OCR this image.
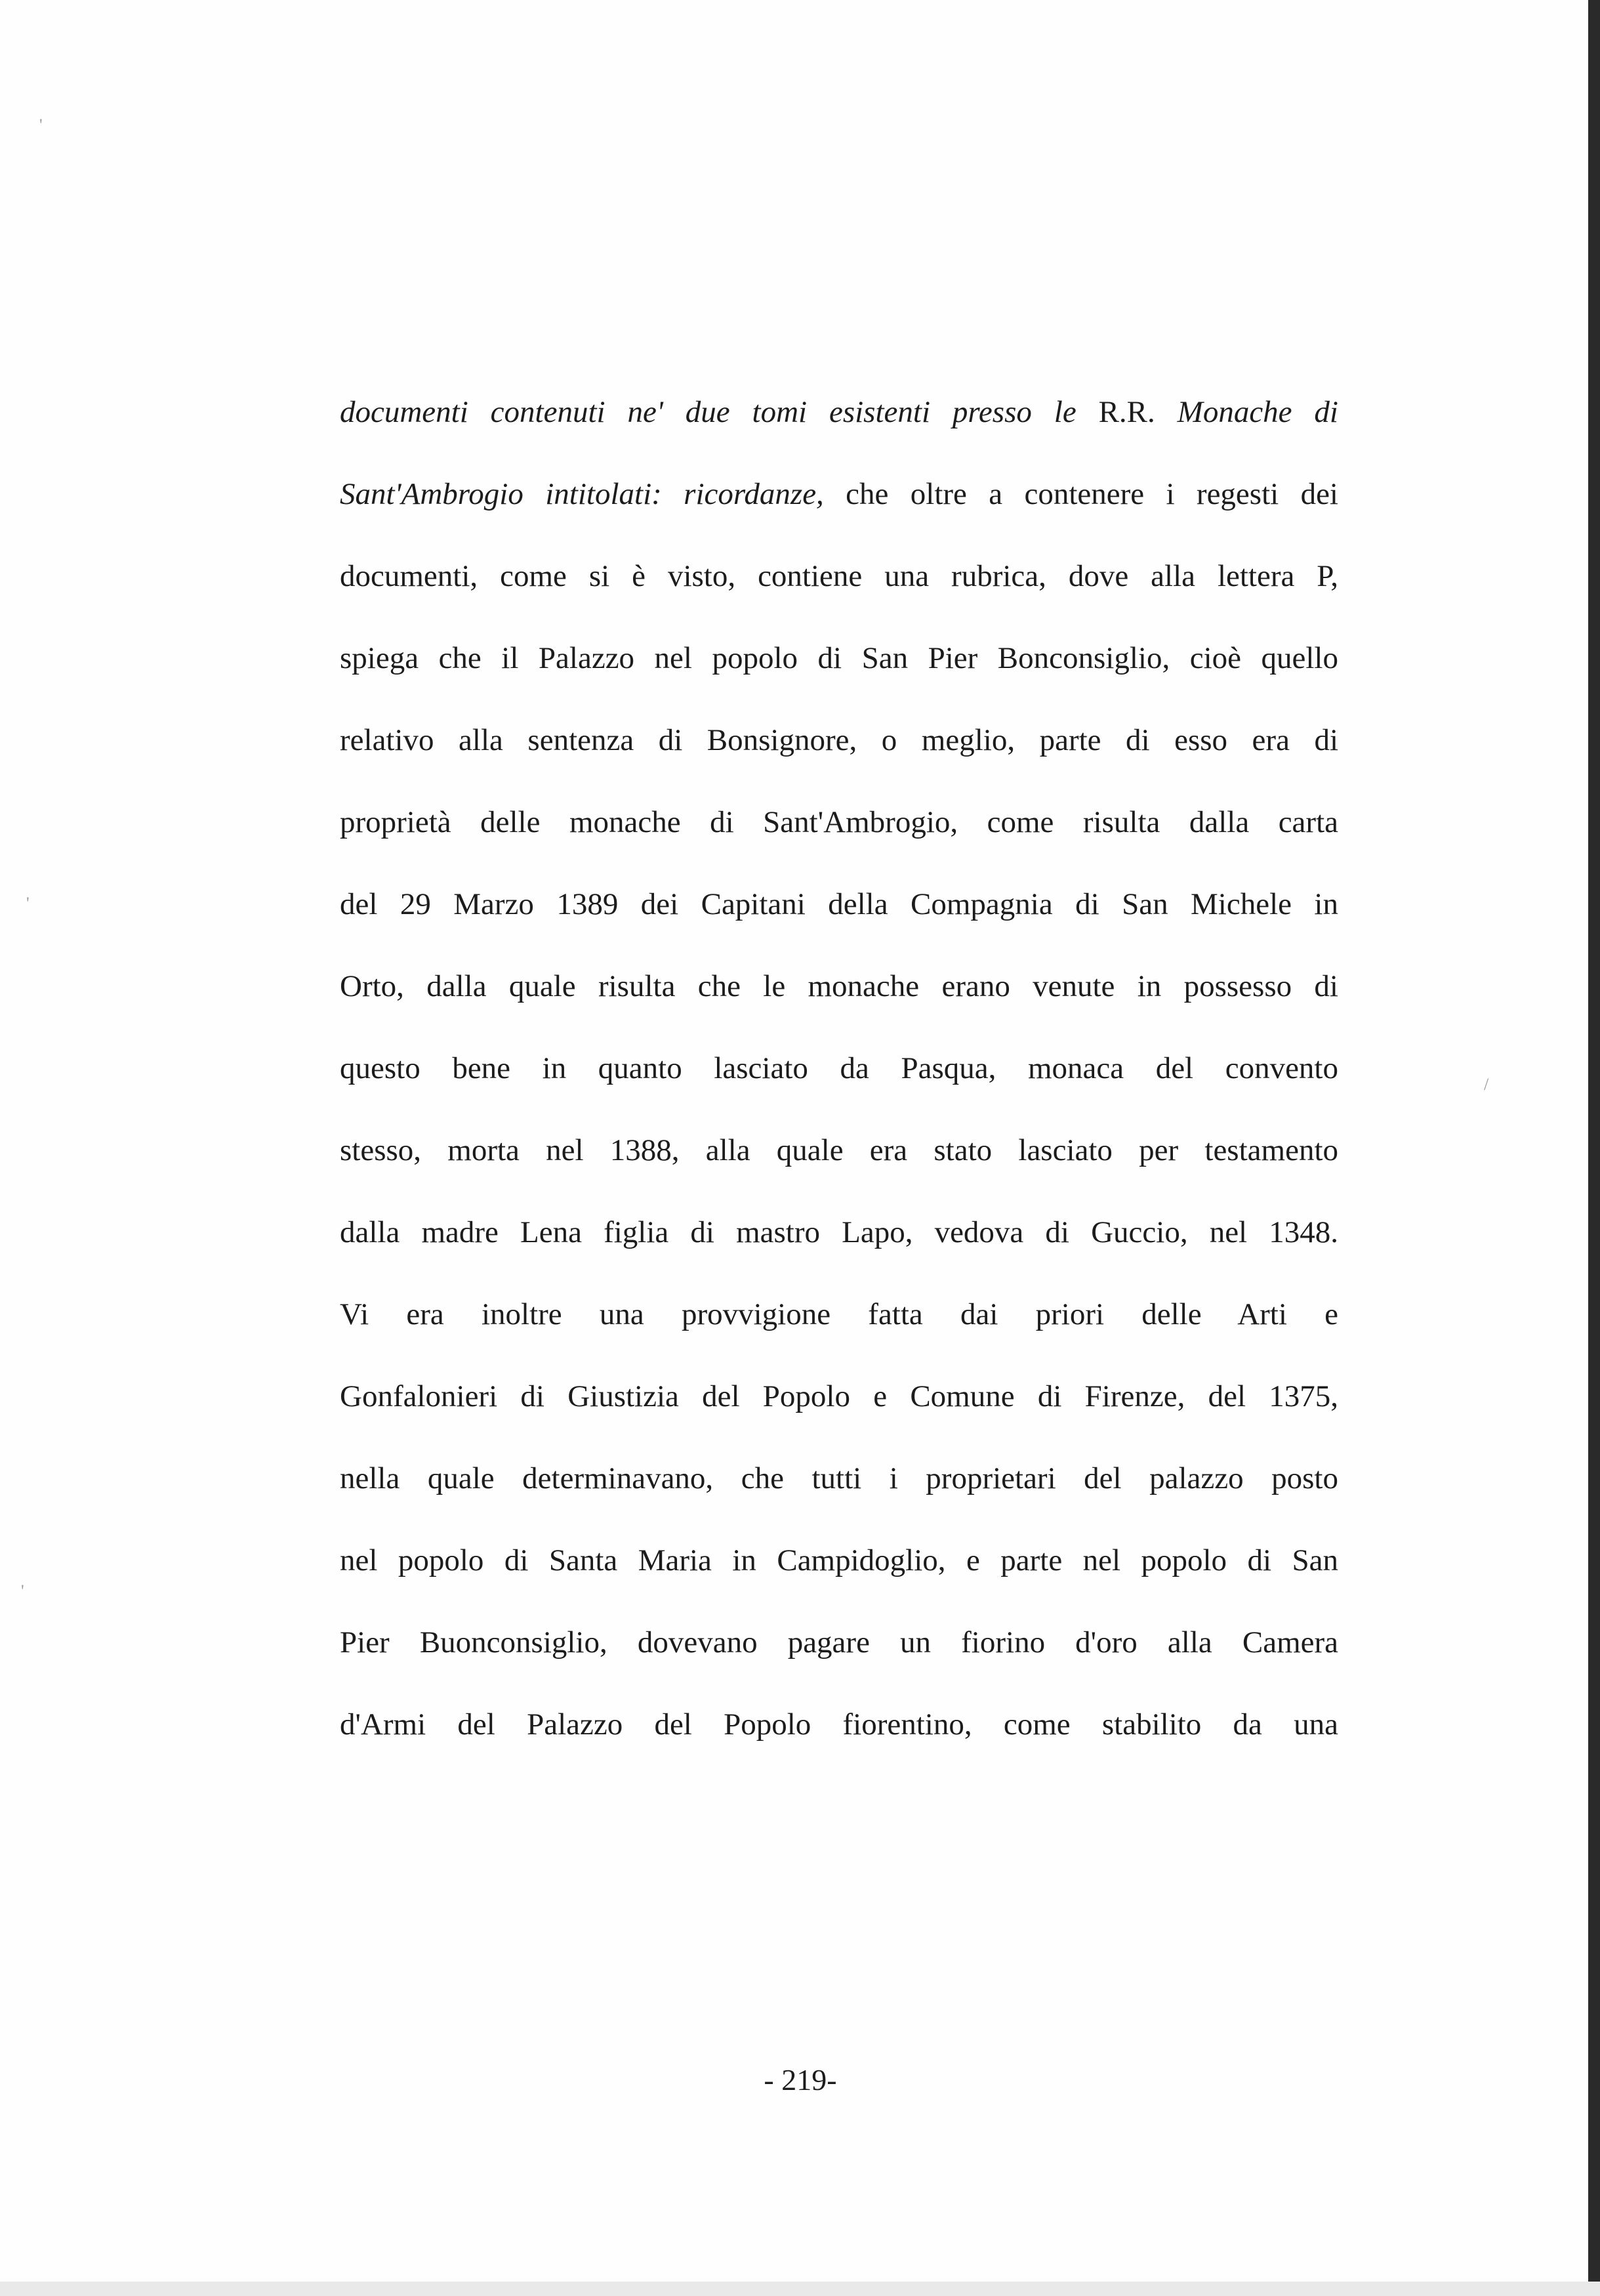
documenti contenuti ne' due tomi esistenti presso le R.R. Monache di
Sant'Ambrogio intitolati: ricordanze, che oltre a contenere i regesti dei
documenti, come si è visto, contiene una rubrica, dove alla lettera P,
spiega che il Palazzo nel popolo di San Pier Bonconsiglio, cioè quello
relativo alla sentenza di Bonsignore, o meglio, parte di esso era di
proprietà delle monache di Sant'Ambrogio, come risulta dalla carta
del 29 Marzo 1389 dei Capitani della Compagnia di San Michele in
Orto, dalla quale risulta che le monache erano venute in possesso di
questo bene in quanto lasciato da Pasqua, monaca del convento
stesso, morta nel 1388, alla quale era stato lasciato per testamento
dalla madre Lena figlia di mastro Lapo, vedova di Guccio, nel 1348.
Vi era inoltre una provvigione fatta dai priori delle Arti e
Gonfalonieri di Giustizia del Popolo e Comune di Firenze, del 1375,
nella quale determinavano, che tutti i proprietari del palazzo posto
nel popolo di Santa Maria in Campidoglio, e parte nel popolo di San
Pier Buonconsiglio, dovevano pagare un fiorino d'oro alla Camera
d'Armi del Palazzo del Popolo fiorentino, come stabilito da una
- 219-
'
'
'
/
